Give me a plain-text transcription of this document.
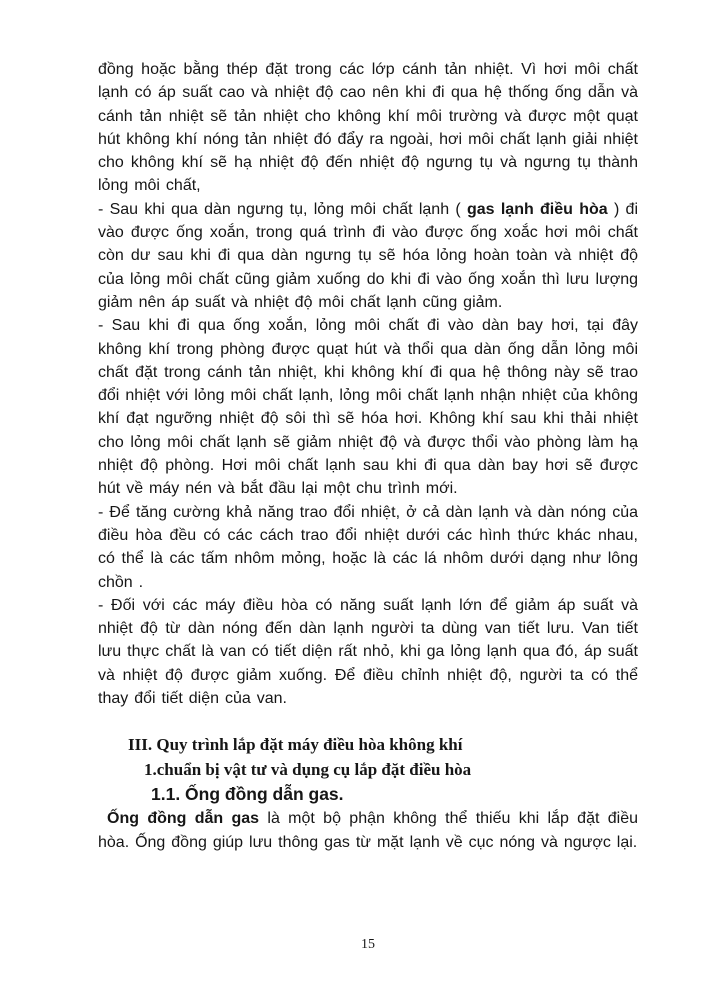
đồng hoặc bằng thép đặt trong các lớp cánh tản nhiệt. Vì hơi môi chất lạnh có áp suất cao và nhiệt độ cao nên khi đi qua hệ thống ống dẫn và cánh tản nhiệt sẽ tản nhiệt cho không khí môi trường và được một quạt hút không khí nóng tản nhiệt đó đẩy ra ngoài, hơi môi chất lạnh giải nhiệt cho không khí sẽ hạ nhiệt độ đến nhiệt độ ngưng tụ và ngưng tụ thành lỏng môi chất,

- Sau khi qua dàn ngưng tụ, lỏng môi chất lạnh ( gas lạnh điều hòa ) đi vào được ống xoắn, trong quá trình đi vào được ống xoắc hơi môi chất còn dư sau khi đi qua dàn ngưng tụ sẽ hóa lỏng hoàn toàn và nhiệt độ của lỏng môi chất cũng giảm xuống do khi đi vào ống xoắn thì lưu lượng giảm nên áp suất và nhiệt độ môi chất lạnh cũng giảm.

- Sau khi đi qua ống xoắn, lỏng môi chất đi vào dàn bay hơi, tại đây không khí trong phòng được quạt hút và thổi qua dàn ống dẫn lỏng môi chất đặt trong cánh tản nhiệt, khi không khí đi qua hệ thông này sẽ trao đổi nhiệt với lỏng môi chất lạnh, lỏng môi chất lạnh nhận nhiệt của không khí đạt ngưỡng nhiệt độ sôi thì sẽ hóa hơi. Không khí sau khi thải nhiệt cho lỏng môi chất lạnh sẽ giảm nhiệt độ và được thổi vào phòng làm hạ nhiệt độ phòng. Hơi môi chất lạnh sau khi đi qua dàn bay hơi sẽ được hút về máy nén và bắt đầu lại một chu trình mới.

- Để tăng cường khả năng trao đổi nhiệt, ở cả dàn lạnh và dàn nóng của điều hòa đều có các cách trao đổi nhiệt dưới các hình thức khác nhau, có thể là các tấm nhôm mỏng, hoặc là các lá nhôm dưới dạng như lông chồn .

- Đối với các máy điều hòa có năng suất lạnh lớn để giảm áp suất và nhiệt độ từ dàn nóng đến dàn lạnh người ta dùng van tiết lưu. Van tiết lưu thực chất là van có tiết diện rất nhỏ, khi ga lỏng lạnh qua đó, áp suất và nhiệt độ được giảm xuống. Để điều chỉnh nhiệt độ, người ta có thể thay đổi tiết diện của van.

III. Quy trình lắp đặt máy điều hòa không khí
1.chuẩn bị vật tư và dụng cụ lắp đặt điều hòa
1.1. Ống đồng dẫn gas.

Ống đồng dẫn gas là một bộ phận không thể thiếu khi lắp đặt điều hòa. Ống đồng giúp lưu thông gas từ mặt lạnh về cục nóng và ngược lại.

15
